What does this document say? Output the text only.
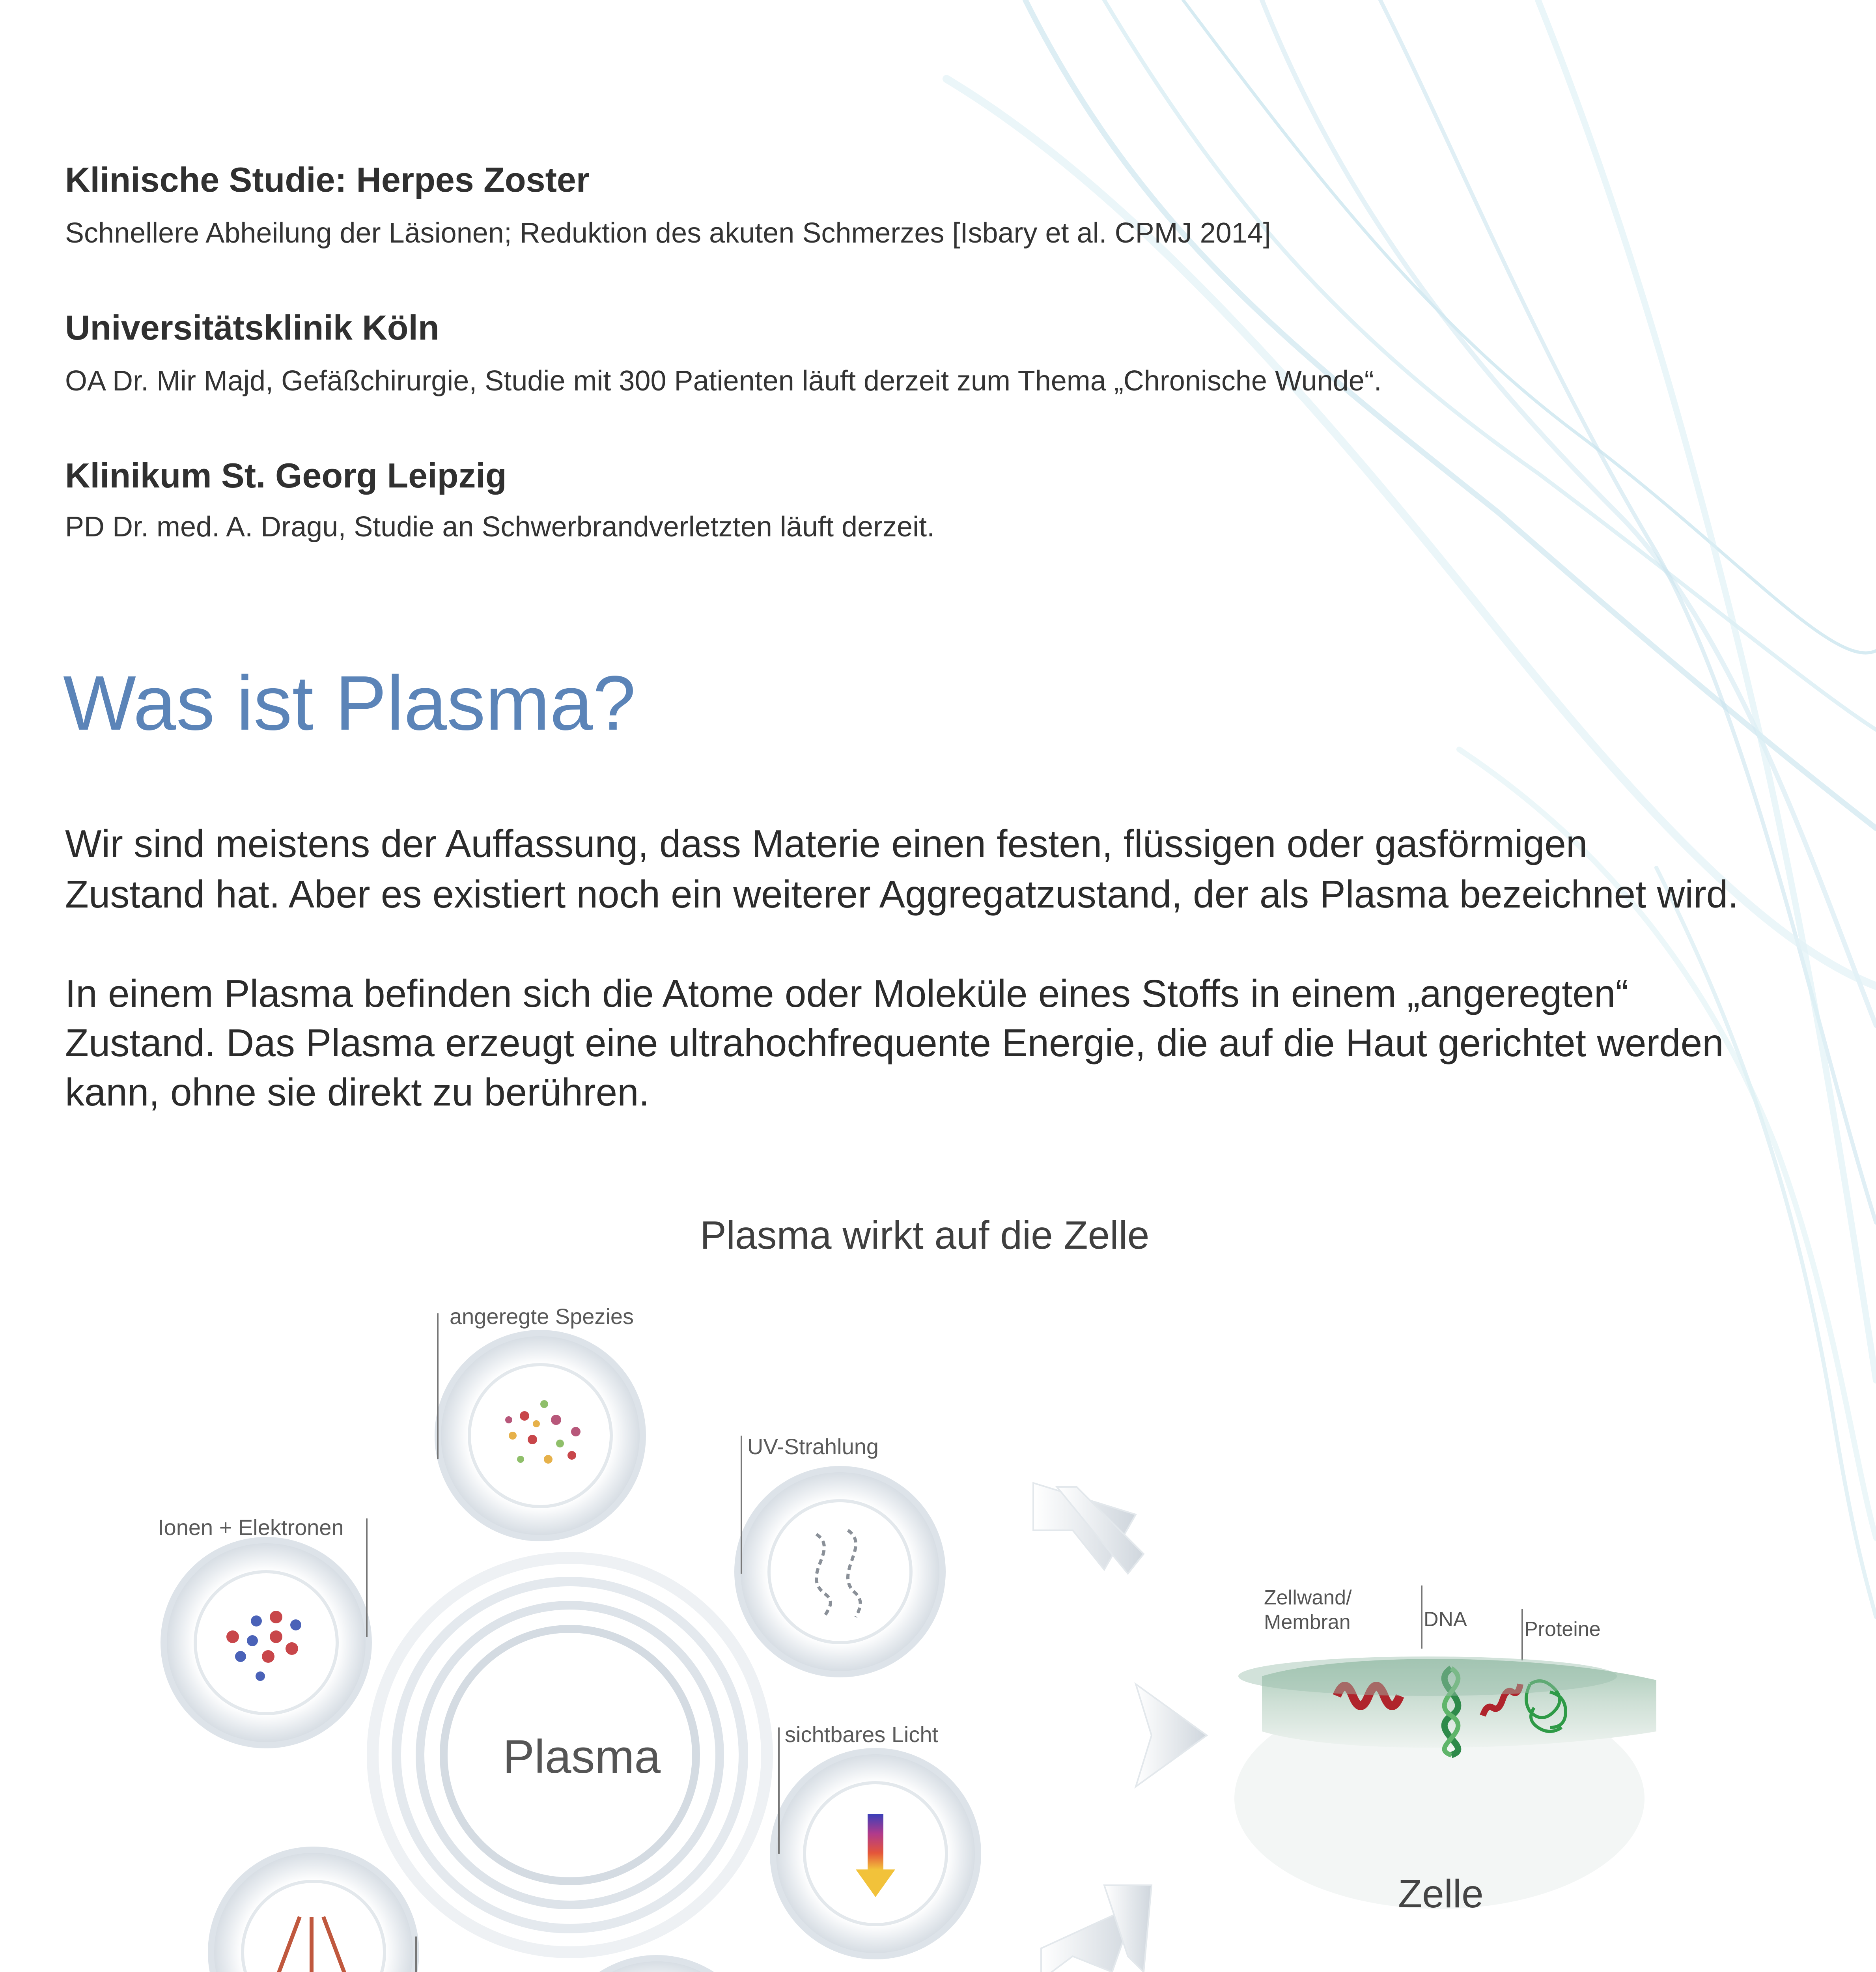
Klinische Studie: Herpes Zoster
Schnellere Abheilung der Läsionen; Reduktion des akuten Schmerzes [Isbary et al. CPMJ 2014]
Universitätsklinik Köln
OA Dr. Mir Majd, Gefäßchirurgie, Studie mit 300 Patienten läuft derzeit zum Thema „Chronische Wunde“.
Klinikum St. Georg Leipzig
PD Dr. med. A. Dragu, Studie an Schwerbrandverletzten läuft derzeit.
Was ist Plasma?
Wir sind meistens der Auffassung, dass Materie einen festen, flüssigen oder gasförmigen
Zustand hat. Aber es existiert noch ein weiterer Aggregatzustand, der als Plasma bezeichnet wird.
In einem Plasma befinden sich die Atome oder Moleküle eines Stoffs in einem „angeregten“
Zustand. Das Plasma erzeugt eine ultrahochfrequente Energie, die auf die Haut gerichtet werden
kann, ohne sie direkt zu berühren.
Plasma wirkt auf die Zelle
angeregte Spezies
UV-Strahlung
Ionen + Elektronen
Plasma	sichtbares Licht
Zellwand/
Membran	DNA	Proteine
Zelle
